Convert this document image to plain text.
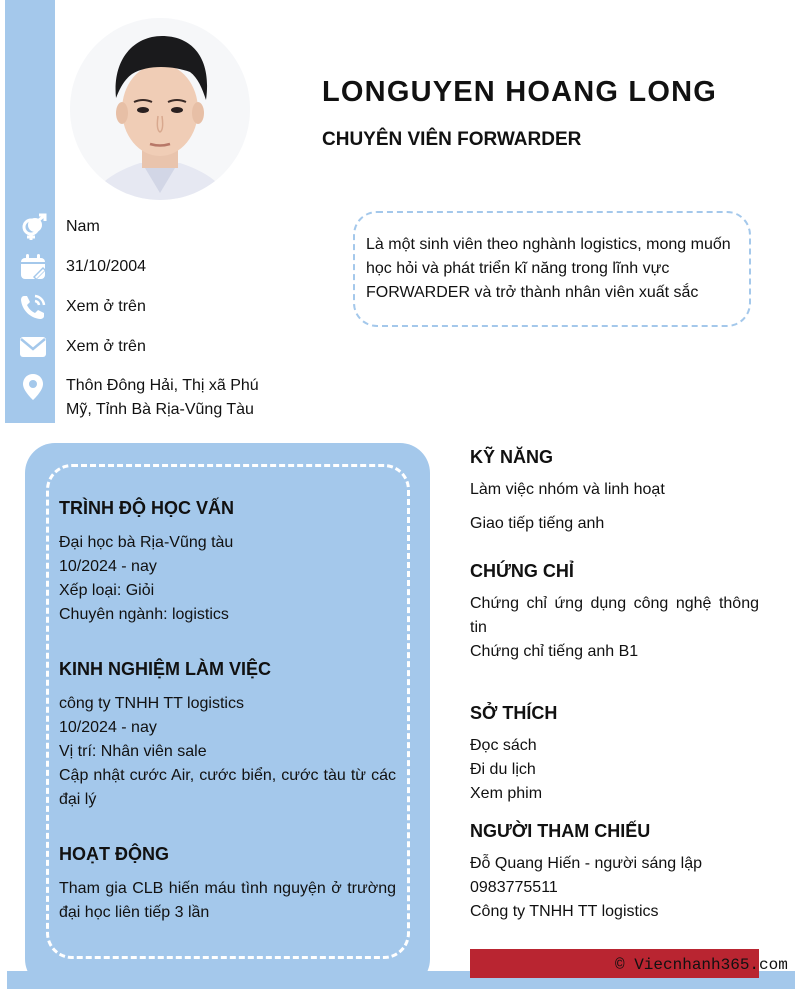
LONGUYEN HOANG LONG
CHUYÊN VIÊN FORWARDER
Nam
31/10/2004
Xem ở trên
Xem ở trên
Thôn Đông Hải, Thị xã Phú Mỹ, Tỉnh Bà Rịa-Vũng Tàu
Là một sinh viên theo nghành logistics, mong muốn học hỏi và phát triển kĩ năng trong lĩnh vực FORWARDER và trở thành nhân viên xuất sắc
TRÌNH ĐỘ HỌC VẤN
Đại học bà Rịa-Vũng tàu
10/2024 - nay
Xếp loại: Giỏi
Chuyên ngành: logistics
KINH NGHIỆM LÀM VIỆC
công ty TNHH TT logistics
10/2024 - nay
Vị trí: Nhân viên sale
Cập nhật cước Air, cước biển, cước tàu từ các đại lý
HOẠT ĐỘNG
Tham gia CLB hiến máu tình nguyện ở trường đại học liên tiếp 3 lần
KỸ NĂNG
Làm việc nhóm và linh hoạt
Giao tiếp tiếng anh
CHỨNG CHỈ
Chứng chỉ ứng dụng công nghệ thông tin
Chứng chỉ tiếng anh B1
SỞ THÍCH
Đọc sách
Đi du lịch
Xem phim
NGƯỜI THAM CHIẾU
Đỗ Quang Hiến - người sáng lập
0983775511
Công ty TNHH TT logistics
© Viecnhanh365.com
